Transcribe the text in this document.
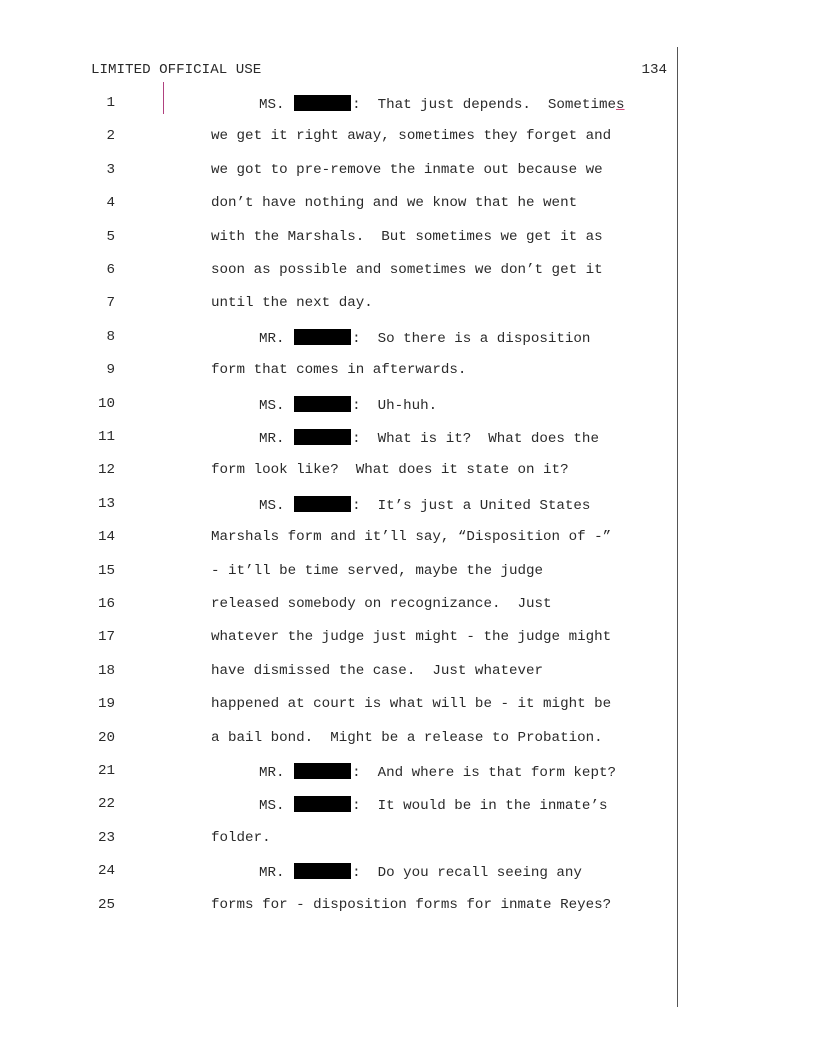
LIMITED OFFICIAL USE	134
1	MS.	:  That just depends.  Sometimes
2	we get it right away, sometimes they forget and
3	we got to pre-remove the inmate out because we
4	don’t have nothing and we know that he went
5	with the Marshals.  But sometimes we get it as
6	soon as possible and sometimes we don’t get it
7	until the next day.
8	MR.	:  So there is a disposition
9	form that comes in afterwards.
10	MS.	:  Uh-huh.
11	MR.	:  What is it?  What does the
12	form look like?  What does it state on it?
13	MS.	:  It’s just a United States
14	Marshals form and it’ll say, “Disposition of -”
15	- it’ll be time served, maybe the judge
16	released somebody on recognizance.  Just
17	whatever the judge just might - the judge might
18	have dismissed the case.  Just whatever
19	happened at court is what will be - it might be
20	a bail bond.  Might be a release to Probation.
21	MR.	:  And where is that form kept?
22	MS.	:  It would be in the inmate’s
23	folder.
24	MR.	:  Do you recall seeing any
25	forms for - disposition forms for inmate Reyes?
